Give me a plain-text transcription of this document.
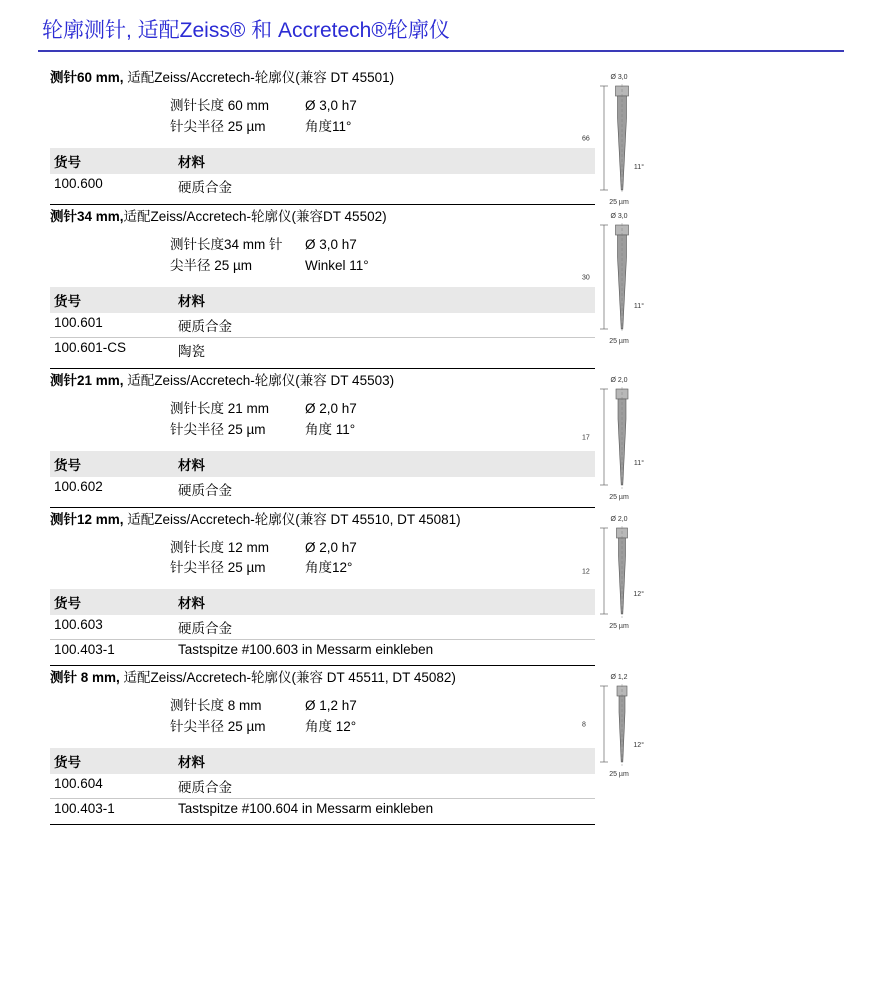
轮廓测针, 适配Zeiss® 和 Accretech®轮廓仪
测针60 mm, 适配Zeiss/Accretech-轮廓仪(兼容 DT 45501)
测针长度 60 mm	Ø 3,0 h7
针尖半径 25 µm	角度11°
货号	材料
100.600	硬质合金
Ø 3,0
66
11°
25 µm
测针34 mm,适配Zeiss/Accretech-轮廓仪(兼容DT 45502)
测针长度34 mm 针	Ø 3,0 h7
尖半径 25 µm	Winkel 11°
货号	材料
100.601	硬质合金
100.601-CS	陶瓷
Ø 3,0
30
11°
25 µm
测针21 mm, 适配Zeiss/Accretech-轮廓仪(兼容 DT 45503)
测针长度 21 mm	Ø 2,0 h7
针尖半径 25 µm	角度 11°
货号	材料
100.602	硬质合金
Ø 2,0
17
11°
25 µm
测针12 mm, 适配Zeiss/Accretech-轮廓仪(兼容 DT 45510, DT 45081)
测针长度 12 mm	Ø 2,0 h7
针尖半径 25 µm	角度12°
货号	材料
100.603	硬质合金
100.403-1	Tastspitze #100.603 in Messarm einkleben
Ø 2,0
12
12°
25 µm
测针 8 mm, 适配Zeiss/Accretech-轮廓仪(兼容 DT 45511, DT 45082)
测针长度 8 mm	Ø 1,2 h7
针尖半径 25 µm	角度 12°
货号	材料
100.604	硬质合金
100.403-1	Tastspitze #100.604 in Messarm einkleben
Ø 1,2
8
12°
25 µm
